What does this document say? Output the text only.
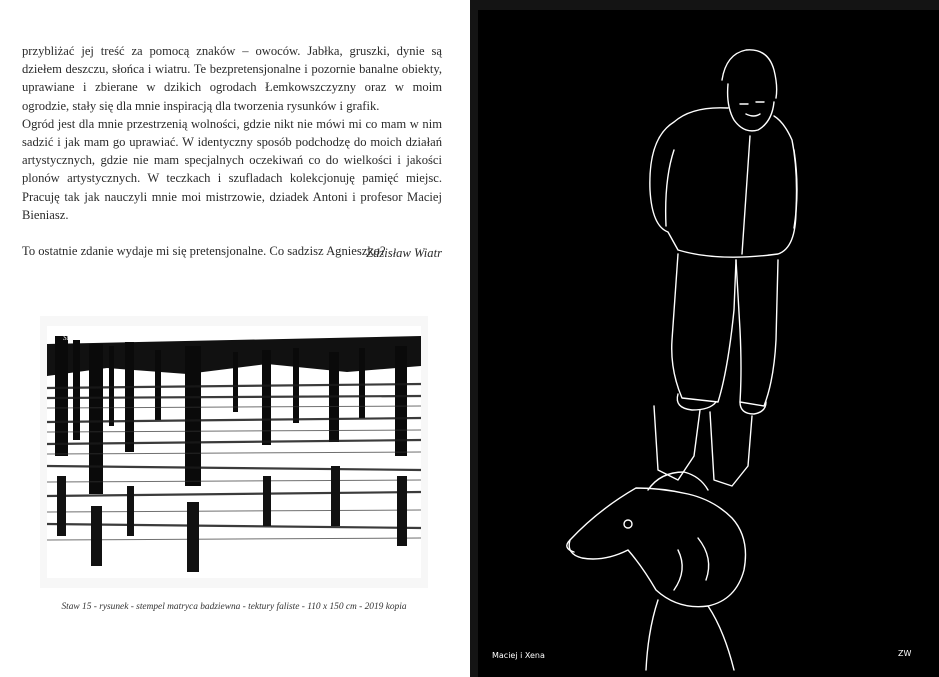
przybliżać jej treść za pomocą znaków – owoców. Jabłka, gruszki, dynie są dziełem deszczu, słońca i wiatru. Te bezpretensjonalne i pozornie banalne obiekty, uprawiane i zbierane w dzikich ogrodach Łemkowszczyzny oraz w moim ogrodzie, stały się dla mnie inspiracją dla tworzenia rysunków i grafik.

Ogród jest dla mnie przestrzenią wolności, gdzie nikt nie mówi mi co mam w nim sadzić i jak mam go uprawiać. W identyczny sposób podchodzę do moich działań artystycznych, gdzie nie mam specjalnych oczekiwań co do wielkości i jakości plonów artystycznych. W teczkach i szufladach kolekcjonuję pamięć miejsc. Pracuję tak jak nauczyli mnie moi mistrzowie, dziadek Antoni i profesor Maciej Bieniasz.

To ostatnie zdanie wydaje mi się pretensjonalne. Co sadzisz Agnieszko?

Zdzisław Wiatr
St 15
Staw 15 - rysunek - stempel matryca badziewna - tektury faliste - 110 x 150 cm - 2019 kopia
Maciej i Xena	ZW
